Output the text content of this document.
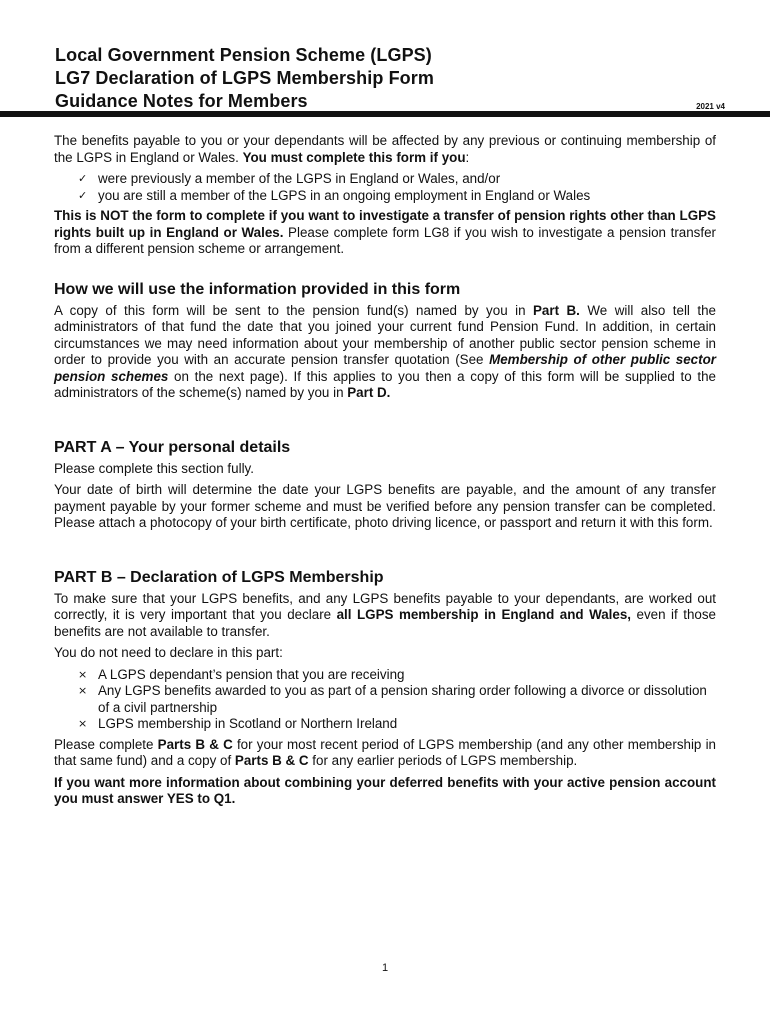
Local Government Pension Scheme (LGPS)

LG7 Declaration of LGPS Membership Form

Guidance Notes for Members	2021 v4

The benefits payable to you or your dependants will be affected by any previous or continuing membership of the LGPS in England or Wales. You must complete this form if you:

✓ were previously a member of the LGPS in England or Wales, and/or
✓ you are still a member of the LGPS in an ongoing employment in England or Wales

This is NOT the form to complete if you want to investigate a transfer of pension rights other than LGPS rights built up in England or Wales. Please complete form LG8 if you wish to investigate a pension transfer from a different pension scheme or arrangement.

How we will use the information provided in this form

A copy of this form will be sent to the pension fund(s) named by you in Part B. We will also tell the administrators of that fund the date that you joined your current fund Pension Fund. In addition, in certain circumstances we may need information about your membership of another public sector pension scheme in order to provide you with an accurate pension transfer quotation (See Membership of other public sector pension schemes on the next page). If this applies to you then a copy of this form will be supplied to the administrators of the scheme(s) named by you in Part D.

PART A – Your personal details

Please complete this section fully.

Your date of birth will determine the date your LGPS benefits are payable, and the amount of any transfer payment payable by your former scheme and must be verified before any pension transfer can be completed. Please attach a photocopy of your birth certificate, photo driving licence, or passport and return it with this form.

PART B – Declaration of LGPS Membership

To make sure that your LGPS benefits, and any LGPS benefits payable to your dependants, are worked out correctly, it is very important that you declare all LGPS membership in England and Wales, even if those benefits are not available to transfer.

You do not need to declare in this part:

× A LGPS dependant’s pension that you are receiving
× Any LGPS benefits awarded to you as part of a pension sharing order following a divorce or dissolution of a civil partnership
× LGPS membership in Scotland or Northern Ireland

Please complete Parts B & C for your most recent period of LGPS membership (and any other membership in that same fund) and a copy of Parts B & C for any earlier periods of LGPS membership.

If you want more information about combining your deferred benefits with your active pension account you must answer YES to Q1.

1
